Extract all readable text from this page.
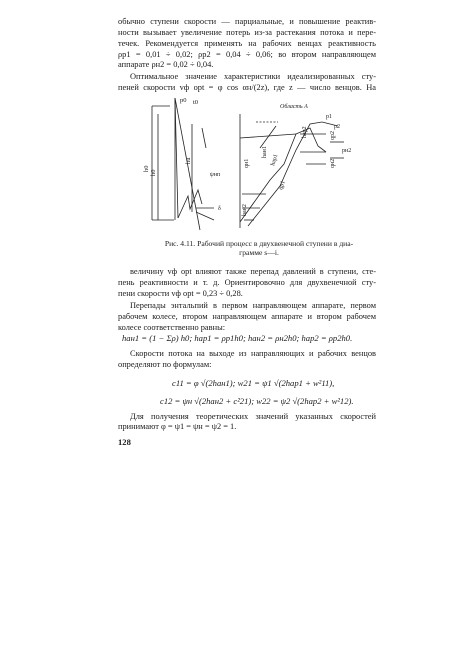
обычно ступени скорости — парциальные, и повышение реактив-
ности вызывает увеличение потерь из-за растекания потока и пере-
течек. Рекомендуется применять на рабочих венцах реактивность
ρр1 = 0,01 ÷ 0,02; ρр2 = 0,04 ÷ 0,06; во втором направляющем
аппарате ρн2 = 0,02 ÷ 0,04.
Оптимальное значение характеристики идеализированных сту-
пеней скорости vф opt = φ cos αн/(2z), где z — число венцов. На
p0 t0
h0
h0
hu
ψнп
δ
Область А
hан1
qн1
qр1
hар1
hан2
hар2
p1
p2
qр2
qн2
pн2
Рис. 4.11. Рабочий процесс в двухвенечной ступени в диа-
грамме s—i.
величину vф opt влияют также перепад давлений в ступени, сте-
пень реактивности и т. д. Ориентировочно для двухвенечной сту-
пени скорости vф opt = 0,23 ÷ 0,28.
Перепады энтальпий в первом направляющем аппарате, первом
рабочем колесе, втором направляющем аппарате и втором рабочем
колесе соответственно равны:
hан1 = (1 − Σρ) h0; hар1 = ρр1h0; hан2 = ρн2h0; hар2 = ρр2h0.
Скорости потока на выходе из направляющих и рабочих венцов
определяют по формулам:
c11 = φ √(2hан1); w21 = ψ1 √(2hар1 + w²11),
c12 = ψн √(2hан2 + c²21); w22 = ψ2 √(2hар2 + w²12).
Для получения теоретических значений указанных скоростей
принимают φ = ψ1 = ψн = ψ2 = 1.
128
